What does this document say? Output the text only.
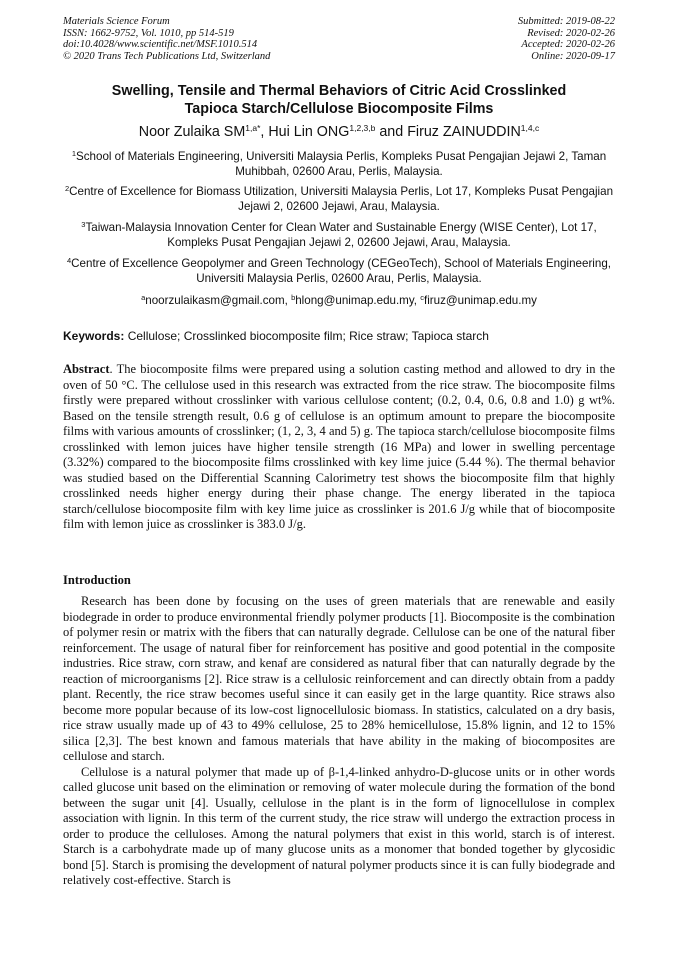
Materials Science Forum
ISSN: 1662-9752, Vol. 1010, pp 514-519
doi:10.4028/www.scientific.net/MSF.1010.514
© 2020 Trans Tech Publications Ltd, Switzerland
Submitted: 2019-08-22
Revised: 2020-02-26
Accepted: 2020-02-26
Online: 2020-09-17
Swelling, Tensile and Thermal Behaviors of Citric Acid Crosslinked
Tapioca Starch/Cellulose Biocomposite Films
Noor Zulaika $SM^{1,a*}$, Hui Lin ONG$^{1,2,3,b}$ and Firuz ZAINUDDIN$^{1,4,c}$
$^1$School of Materials Engineering, Universiti Malaysia Perlis, Kompleks Pusat Pengajian Jejawi 2, Taman Muhibbah, 02600 Arau, Perlis, Malaysia.
$^2$Centre of Excellence for Biomass Utilization, Universiti Malaysia Perlis, Lot 17, Kompleks Pusat Pengajian Jejawi 2, 02600 Jejawi, Arau, Malaysia.
$^3$Taiwan-Malaysia Innovation Center for Clean Water and Sustainable Energy (WISE Center), Lot 17, Kompleks Pusat Pengajian Jejawi 2, 02600 Jejawi, Arau, Malaysia.
$^4$Centre of Excellence Geopolymer and Green Technology (CEGeoTech), School of Materials Engineering, Universiti Malaysia Perlis, 02600 Arau, Perlis, Malaysia.
$^a$noorzulaikasm@gmail.com, $^b$hlong@unimap.edu.my, $^c$firuz@unimap.edu.my
Keywords: Cellulose; Crosslinked biocomposite film; Rice straw; Tapioca starch
Abstract. The biocomposite films were prepared using a solution casting method and allowed to dry in the oven of 50 °C. The cellulose used in this research was extracted from the rice straw. The biocomposite films firstly were prepared without crosslinker with various cellulose content; (0.2, 0.4, 0.6, 0.8 and 1.0) g wt%. Based on the tensile strength result, 0.6 g of cellulose is an optimum amount to prepare the biocomposite films with various amounts of crosslinker; (1, 2, 3, 4 and 5) g. The tapioca starch/cellulose biocomposite films crosslinked with lemon juices have higher tensile strength (16 MPa) and lower in swelling percentage (3.32%) compared to the biocomposite films crosslinked with key lime juice (5.44 %). The thermal behavior was studied based on the Differential Scanning Calorimetry test shows the biocomposite film that highly crosslinked needs higher energy during their phase change. The energy liberated in the tapioca starch/cellulose biocomposite film with key lime juice as crosslinker is 201.6 J/g while that of biocomposite film with lemon juice as crosslinker is 383.0 J/g.
Introduction

Research has been done by focusing on the uses of green materials that are renewable and easily biodegrade in order to produce environmental friendly polymer products [1]. Biocomposite is the combination of polymer resin or matrix with the fibers that can naturally degrade. Cellulose can be one of the natural fiber reinforcement. The usage of natural fiber for reinforcement has positive and good potential in the composite industries. Rice straw, corn straw, and kenaf are considered as natural fiber that can naturally degrade by the reaction of microorganisms [2]. Rice straw is a cellulosic reinforcement and can directly obtain from a paddy plant. Recently, the rice straw becomes useful since it can easily get in the large quantity. Rice straws also become more popular because of its low-cost lignocellulosic biomass. In statistics, calculated on a dry basis, rice straw usually made up of 43 to 49% cellulose, 25 to 28% hemicellulose, 15.8% lignin, and 12 to 15% silica [2,3]. The best known and famous materials that have ability in the making of biocomposites are cellulose and starch.

Cellulose is a natural polymer that made up of β-1,4-linked anhydro-D-glucose units or in other words called glucose unit based on the elimination or removing of water molecule during the formation of the bond between the sugar unit [4]. Usually, cellulose in the plant is in the form of lignocellulose in complex association with lignin. In this term of the current study, the rice straw will undergo the extraction process in order to produce the celluloses. Among the natural polymers that exist in this world, starch is of interest. Starch is a carbohydrate made up of many glucose units as a monomer that bonded together by glycosidic bond [5]. Starch is promising the development of natural polymer products since it is can fully biodegrade and relatively cost-effective. Starch is
